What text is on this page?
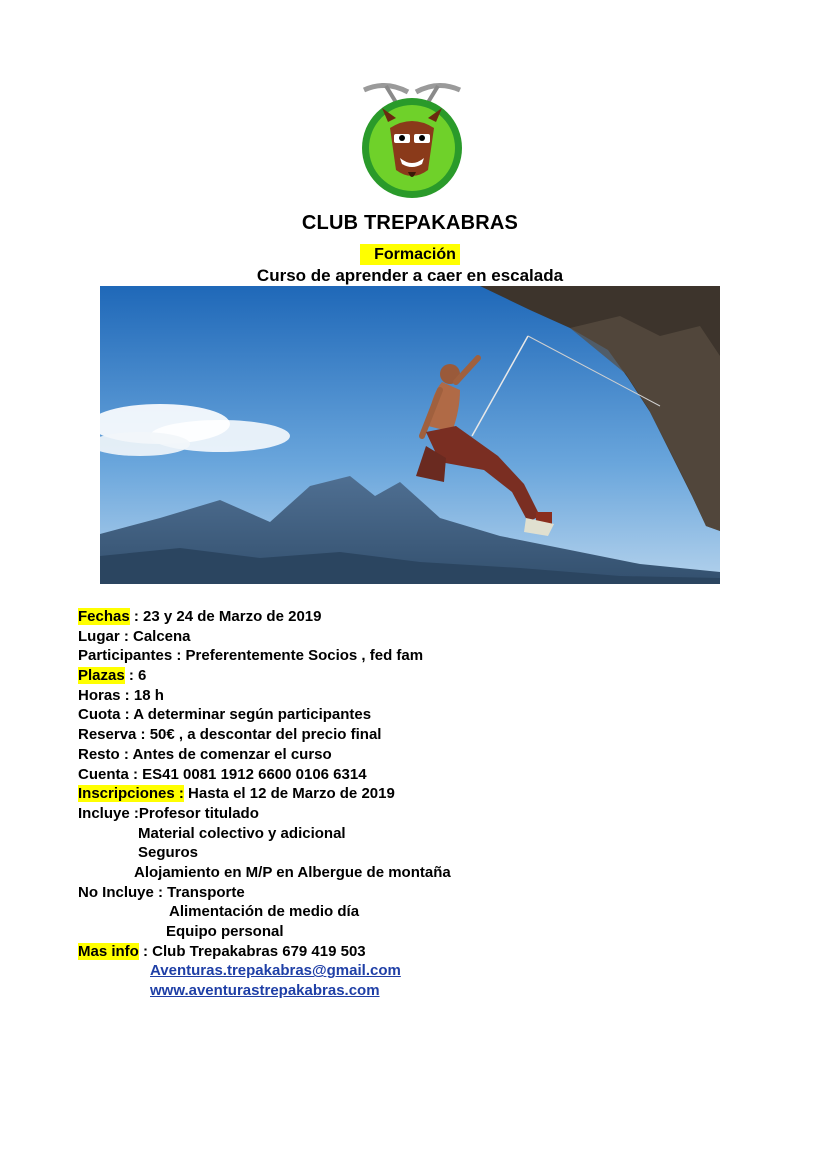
CLUB TREPAKABRAS
Formación
Curso de aprender a caer en escalada
Fechas : 23 y 24 de Marzo de 2019
Lugar : Calcena
Participantes : Preferentemente Socios , fed fam
Plazas : 6
Horas : 18 h
Cuota : A determinar según participantes
Reserva : 50€ , a descontar del precio final
Resto : Antes de comenzar el curso
Cuenta : ES41 0081 1912 6600 0106 6314
Inscripciones : Hasta el 12 de Marzo de 2019
Incluye :Profesor titulado
Material colectivo y adicional
Seguros
Alojamiento en M/P en Albergue de montaña
No Incluye : Transporte
Alimentación de medio día
Equipo personal
Mas info : Club Trepakabras 679 419 503
Aventuras.trepakabras@gmail.com
www.aventurastrepakabras.com
